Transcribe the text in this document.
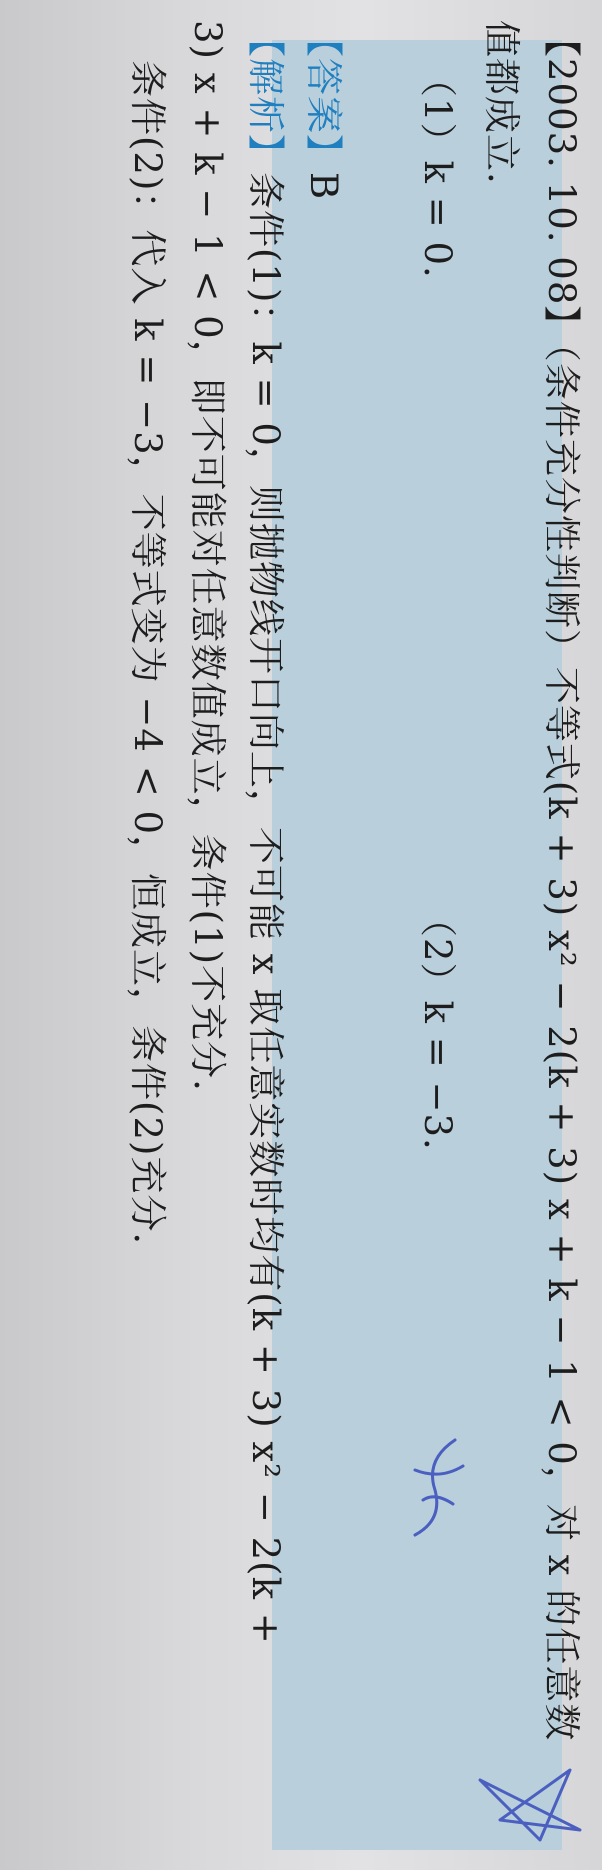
【2003. 10. 08】（条件充分性判断）不等式(k + 3) x² − 2(k + 3) x + k − 1 < 0，对 x 的任意数
值都成立.
（1）k = 0.
（2）k = −3.
【答案】B
【解析】条件(1)：k = 0，则抛物线开口向上，不可能 x 取任意实数时均有(k + 3) x² − 2(k +
3) x + k − 1 < 0，即不可能对任意数值成立，条件(1)不充分.
条件(2)：代入 k = −3，不等式变为 −4 < 0，恒成立，条件(2)充分.
